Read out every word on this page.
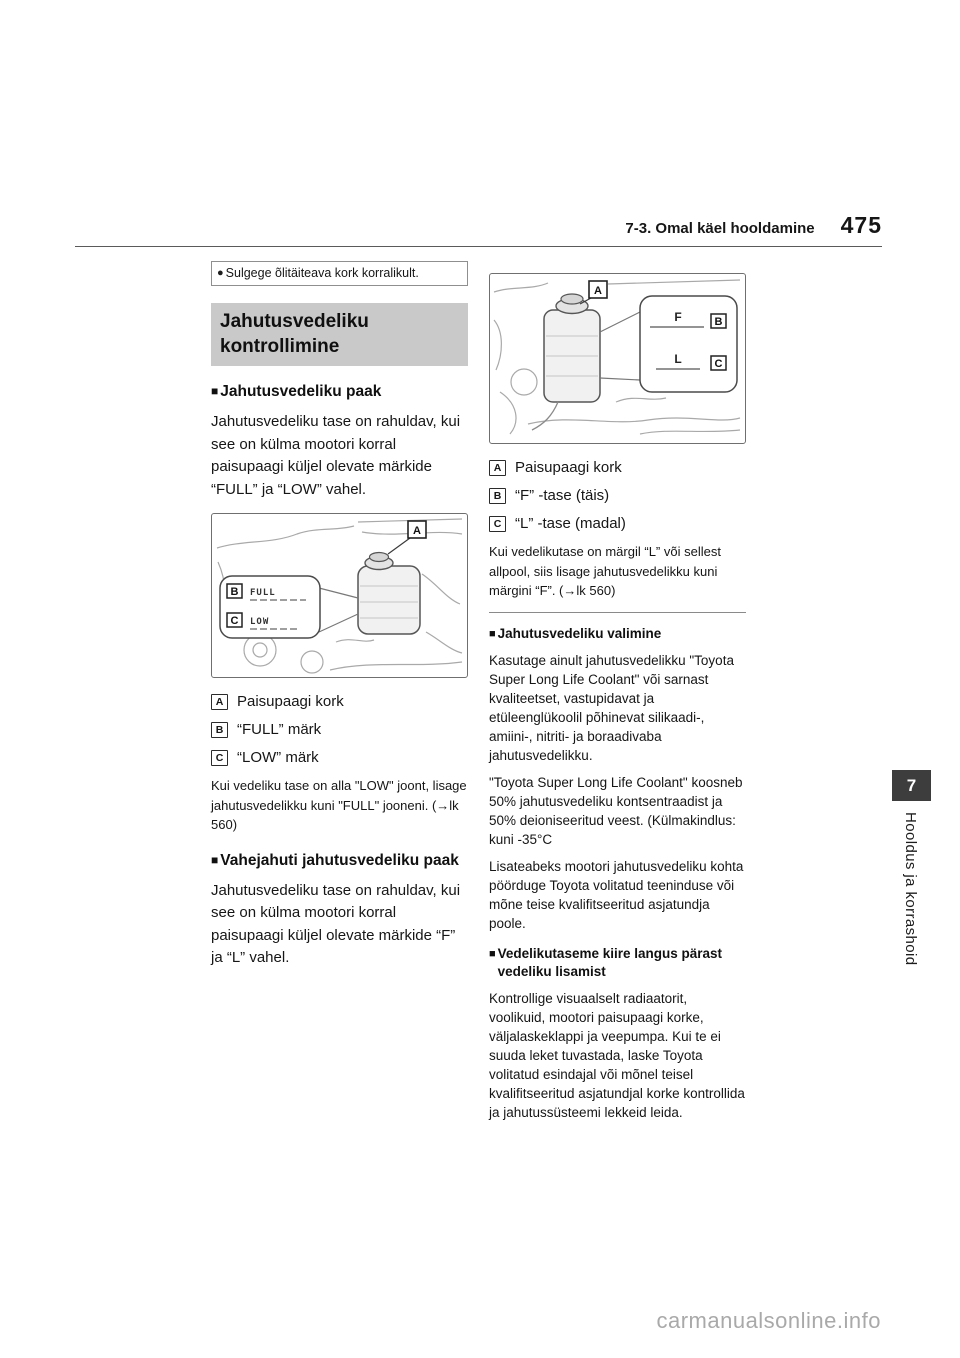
7-3. Omal käel hooldamine 475
7
Hooldus ja korrashoid
● Sulgege õlitäiteava kork korralikult.
Jahutusvedeliku
kontrollimine
■ Jahutusvedeliku paak
Jahutusvedeliku tase on rahuldav, kui see on külma mootori korral paisupaagi küljel olevate märkide “FULL” ja “LOW” vahel.
A
B FULL
C LOW
A Paisupaagi kork
B “FULL” märk
C “LOW” märk
Kui vedeliku tase on alla "LOW" joont, lisage jahutusvedelikku kuni "FULL" jooneni. (→lk 560)
■ Vahejahuti jahutusvedeliku paak
Jahutusvedeliku tase on rahuldav, kui see on külma mootori korral paisupaagi küljel olevate märkide “F” ja “L” vahel.
A
F	B
L	C
A Paisupaagi kork
B “F” -tase (täis)
C “L” -tase (madal)
Kui vedelikutase on märgil “L” või sellest allpool, siis lisage jahutusvedelikku kuni märgini “F”. (→lk 560)
■ Jahutusvedeliku valimine
Kasutage ainult jahutusvedelikku "Toyota Super Long Life Coolant" või sarnast kvaliteetset, vastupidavat ja etüleenglükoolil põhinevat silikaadi-, amiini-, nitriti- ja boraadivaba jahutusvedelikku.
"Toyota Super Long Life Coolant" koosneb 50% jahutusvedeliku kontsentraadist ja 50% deioniseeritud veest. (Külmakindlus: kuni -35°C
Lisateabeks mootori jahutusvedeliku kohta pöörduge Toyota volitatud teeninduse või mõne teise kvalifitseeritud asjatundja poole.
■ Vedelikutaseme kiire langus pärast vedeliku lisamist
Kontrollige visuaalselt radiaatorit, voolikuid, mootori paisupaagi korke, väljalaskeklappi ja veepumpa. Kui te ei suuda leket tuvastada, laske Toyota volitatud esindajal või mõnel teisel kvalifitseeritud asjatundjal korke kontrollida ja jahutussüsteemi lekkeid leida.
carmanualsonline.info
